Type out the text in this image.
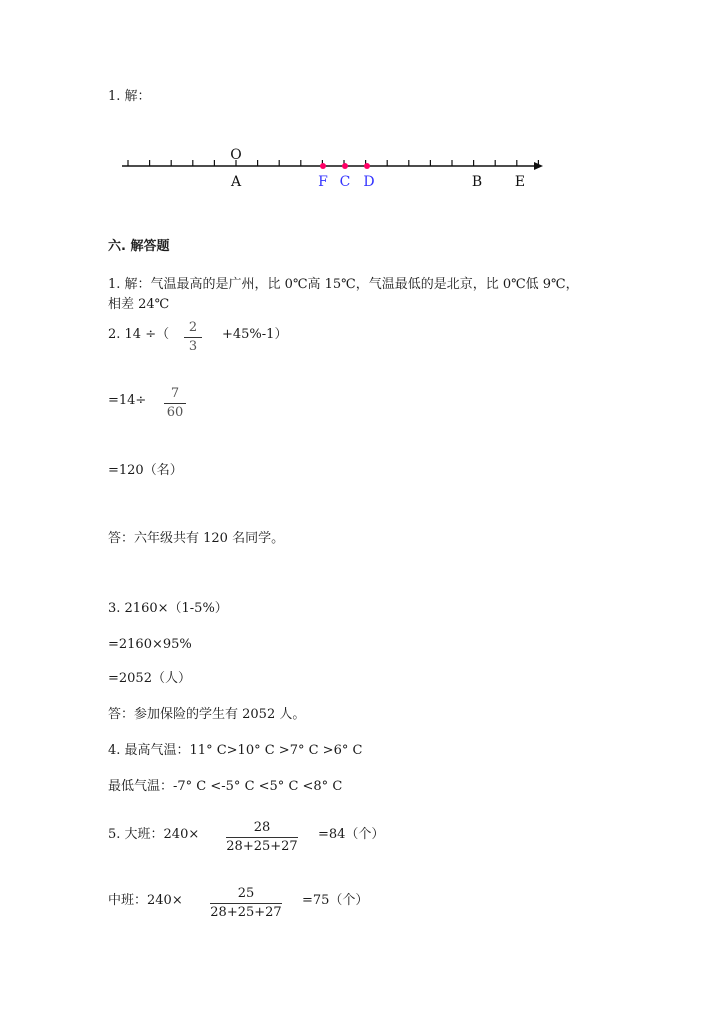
1. 解：
O
A	F C D	B E
六. 解答题
1. 解：气温最高的是广州，比 0℃高 15℃，气温最低的是北京，比 0℃低 9℃，
相差 24℃
2. 14 ÷（	2
3
+45%-1）
=14÷	7
60
=120（名）
答：六年级共有 120 名同学。
3. 2160×（1-5%）
=2160×95%
=2052（人）
答：参加保险的学生有 2052 人。
4. 最高气温：11° C>10° C >7° C >6° C
最低气温：-7° C <-5° C <5° C <8° C
5. 大班：240×	28
28+25+27
=84（个）
中班：240×	25
28+25+27
=75（个）
